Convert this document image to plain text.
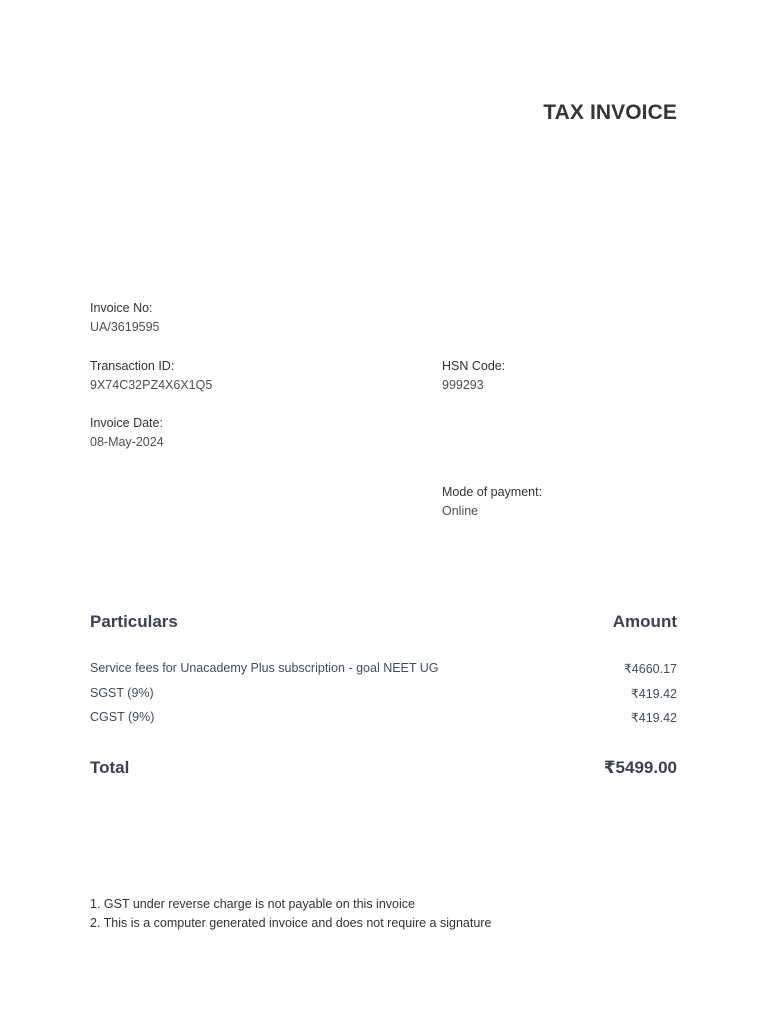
TAX INVOICE
Invoice No:
UA/3619595
Transaction ID:
9X74C32PZ4X6X1Q5
HSN Code:
999293
Invoice Date:
08-May-2024
Mode of payment:
Online
Particulars	Amount
Service fees for Unacademy Plus subscription - goal NEET UG	₹4660.17
SGST (9%)	₹419.42
CGST (9%)	₹419.42
Total	₹5499.00
1. GST under reverse charge is not payable on this invoice
2. This is a computer generated invoice and does not require a signature
